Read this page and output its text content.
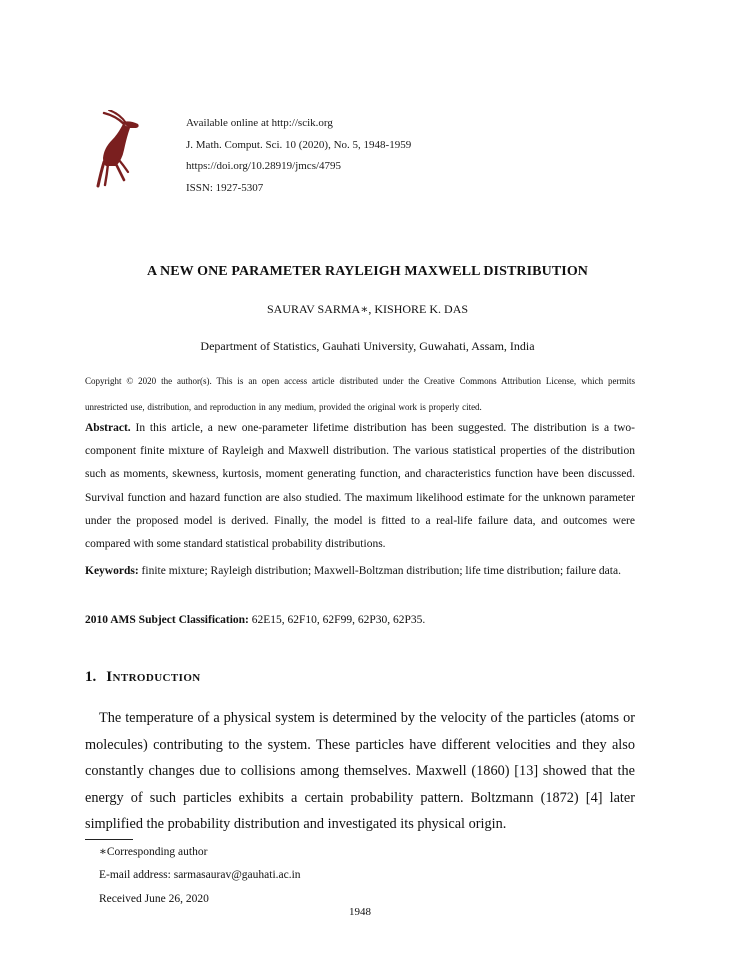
Available online at http://scik.org
J. Math. Comput. Sci. 10 (2020), No. 5, 1948-1959
https://doi.org/10.28919/jmcs/4795
ISSN: 1927-5307
A NEW ONE PARAMETER RAYLEIGH MAXWELL DISTRIBUTION
SAURAV SARMA∗, KISHORE K. DAS
Department of Statistics, Gauhati University, Guwahati, Assam, India
Copyright © 2020 the author(s). This is an open access article distributed under the Creative Commons Attribution License, which permits unrestricted use, distribution, and reproduction in any medium, provided the original work is properly cited.
Abstract. In this article, a new one-parameter lifetime distribution has been suggested. The distribution is a two-component finite mixture of Rayleigh and Maxwell distribution. The various statistical properties of the distribution such as moments, skewness, kurtosis, moment generating function, and characteristics function have been discussed. Survival function and hazard function are also studied. The maximum likelihood estimate for the unknown parameter under the proposed model is derived. Finally, the model is fitted to a real-life failure data, and outcomes were compared with some standard statistical probability distributions.
Keywords: finite mixture; Rayleigh distribution; Maxwell-Boltzman distribution; life time distribution; failure data.
2010 AMS Subject Classification: 62E15, 62F10, 62F99, 62P30, 62P35.
1. Introduction
The temperature of a physical system is determined by the velocity of the particles (atoms or molecules) contributing to the system. These particles have different velocities and they also constantly changes due to collisions among themselves. Maxwell (1860) [13] showed that the energy of such particles exhibits a certain probability pattern. Boltzmann (1872) [4] later simplified the probability distribution and investigated its physical origin.
∗Corresponding author
E-mail address: sarmasaurav@gauhati.ac.in
Received June 26, 2020
1948
